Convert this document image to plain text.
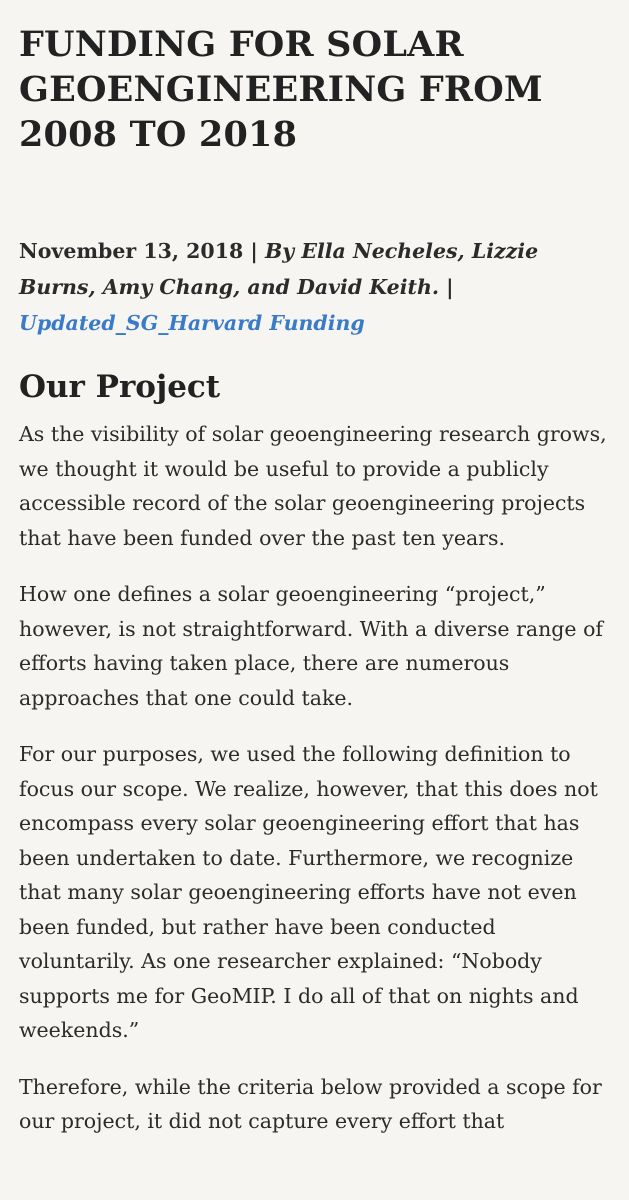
FUNDING FOR SOLAR GEOENGINEERING FROM 2008 TO 2018
November 13, 2018 | By Ella Necheles, Lizzie Burns, Amy Chang, and David Keith. | Updated_SG_Harvard Funding
Our Project

As the visibility of solar geoengineering research grows, we thought it would be useful to provide a publicly accessible record of the solar geoengineering projects that have been funded over the past ten years.

How one defines a solar geoengineering “project,” however, is not straightforward. With a diverse range of efforts having taken place, there are numerous approaches that one could take.

For our purposes, we used the following definition to focus our scope. We realize, however, that this does not encompass every solar geoengineering effort that has been undertaken to date. Furthermore, we recognize that many solar geoengineering efforts have not even been funded, but rather have been conducted voluntarily. As one researcher explained: “Nobody supports me for GeoMIP. I do all of that on nights and weekends.”

Therefore, while the criteria below provided a scope for our project, it did not capture every effort that
